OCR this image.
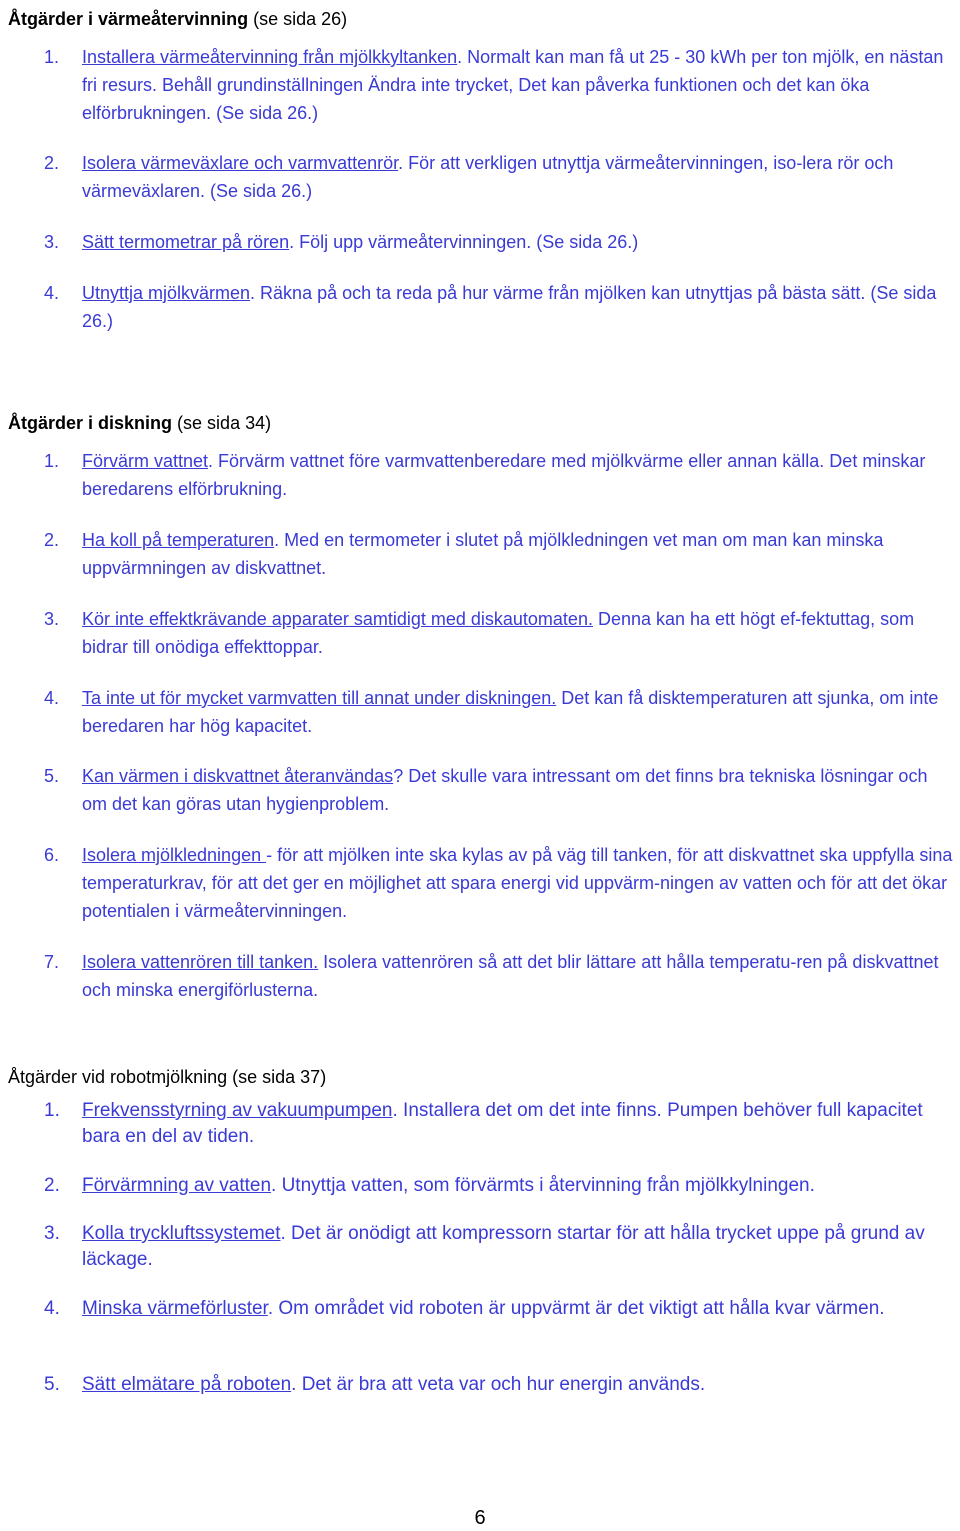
Åtgärder i värmeåtervinning (se sida 26)
1. Installera värmeåtervinning från mjölkkyltanken. Normalt kan man få ut 25 - 30 kWh per ton mjölk, en nästan fri resurs. Behåll grundinställningen Ändra inte trycket, Det kan påverka funktionen och det kan öka elförbrukningen. (Se sida 26.)
2. Isolera värmeväxlare och varmvattenrör. För att verkligen utnyttja värmeåtervinningen, iso-lera rör och värmeväxlaren. (Se sida 26.)
3. Sätt termometrar på rören. Följ upp värmeåtervinningen. (Se sida 26.)
4. Utnyttja mjölkvärmen. Räkna på och ta reda på hur värme från mjölken kan utnyttjas på bästa sätt. (Se sida 26.)
Åtgärder i diskning (se sida 34)
1. Förvärm vattnet. Förvärm vattnet före varmvattenberedare med mjölkvärme eller annan källa. Det minskar beredarens elförbrukning.
2. Ha koll på temperaturen. Med en termometer i slutet på mjölkledningen vet man om man kan minska uppvärmningen av diskvattnet.
3. Kör inte effektkrävande apparater samtidigt med diskautomaten. Denna kan ha ett högt ef-fektuttag, som bidrar till onödiga effekttoppar.
4. Ta inte ut för mycket varmvatten till annat under diskningen. Det kan få disktemperaturen att sjunka, om inte beredaren har hög kapacitet.
5. Kan värmen i diskvattnet återanvändas? Det skulle vara intressant om det finns bra tekniska lösningar och om det kan göras utan hygienproblem.
6. Isolera mjölkledningen - för att mjölken inte ska kylas av på väg till tanken, för att diskvattnet ska uppfylla sina temperaturkrav, för att det ger en möjlighet att spara energi vid uppvärm-ningen av vatten och för att det ökar potentialen i värmeåtervinningen.
7. Isolera vattenrören till tanken. Isolera vattenrören så att det blir lättare att hålla temperatu-ren på diskvattnet och minska energiförlusterna.
Åtgärder vid robotmjölkning (se sida 37)
1. Frekvensstyrning av vakuumpumpen. Installera det om det inte finns. Pumpen behöver full kapacitet bara en del av tiden.
2. Förvärmning av vatten. Utnyttja vatten, som förvärmts i återvinning från mjölkkylningen.
3. Kolla tryckluftssystemet. Det är onödigt att kompressorn startar för att hålla trycket uppe på grund av läckage.
4. Minska värmeförluster. Om området vid roboten är uppvärmt är det viktigt att hålla kvar värmen.
5. Sätt elmätare på roboten. Det är bra att veta var och hur energin används.
6
